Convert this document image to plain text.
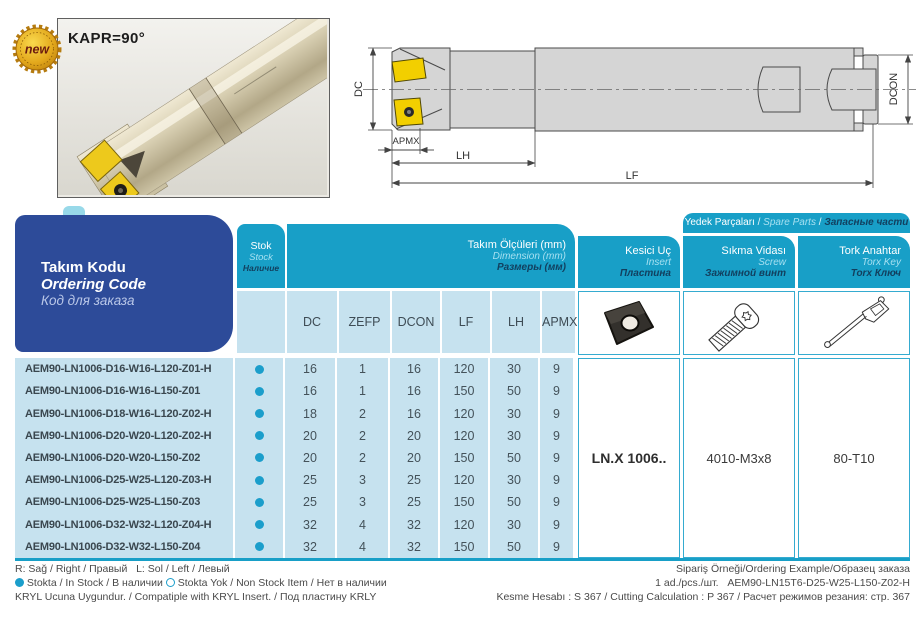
new
KAPR=90°
DC	DCON
APMX
LH
LF
Takım Kodu
Ordering Code
Код для заказа
Stok
Stock
Наличие
Takım Ölçüleri (mm)
Dimension (mm)
Размеры (мм)
Yedek Parçaları / Spare Parts / Запасные части
Kesici Uç
Insert
Пластина
Sıkma Vidası
Screw
Зажимной винт
Tork Anahtar
Torx Key
Torx Ключ
DC	ZEFP	DCON	LF	LH	APMX
LN.X 1006..	4010-M3x8	80-T10
AEM90-LN1006-D16-W16-L120-Z01-H	16	1	16	120	30	9
AEM90-LN1006-D16-W16-L150-Z01	16	1	16	150	50	9
AEM90-LN1006-D18-W16-L120-Z02-H	18	2	16	120	30	9
AEM90-LN1006-D20-W20-L120-Z02-H	20	2	20	120	30	9
AEM90-LN1006-D20-W20-L150-Z02	20	2	20	150	50	9
AEM90-LN1006-D25-W25-L120-Z03-H	25	3	25	120	30	9
AEM90-LN1006-D25-W25-L150-Z03	25	3	25	150	50	9
AEM90-LN1006-D32-W32-L120-Z04-H	32	4	32	120	30	9
AEM90-LN1006-D32-W32-L150-Z04	32	4	32	150	50	9
R: Sağ / Right / Правый   L: Sol / Left / Левый
Stokta / In Stock / В наличии  Stokta Yok / Non Stock Item / Нет в наличии
KRYL Ucuna Uygundur. / Compatiple with KRYL Insert. / Под пластину KRLY
Sipariş Örneği/Ordering Example/Образец заказа
1 ad./pcs./шт.   AEM90-LN15T6-D25-W25-L150-Z02-H
Kesme Hesabı : S 367 / Cutting Calculation : P 367 / Расчет режимов резания: стр. 367
